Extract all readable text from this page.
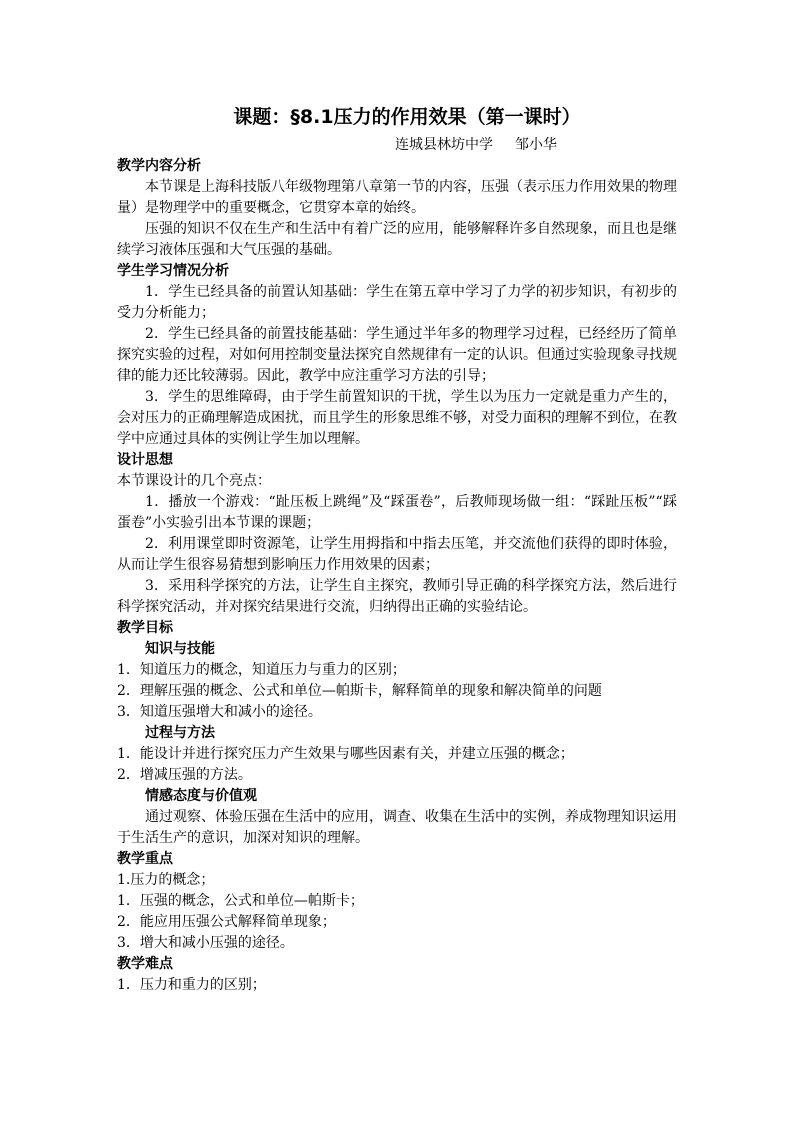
课题：§8.1压力的作用效果（第一课时）
连城县林坊中学 邹小华
教学内容分析

本节课是上海科技版八年级物理第八章第一节的内容，压强（表示压力作用效果的物理量）是物理学中的重要概念，它贯穿本章的始终。

压强的知识不仅在生产和生活中有着广泛的应用，能够解释许多自然现象，而且也是继续学习液体压强和大气压强的基础。

学生学习情况分析

1．学生已经具备的前置认知基础：学生在第五章中学习了力学的初步知识，有初步的受力分析能力；

2．学生已经具备的前置技能基础：学生通过半年多的物理学习过程，已经经历了简单探究实验的过程，对如何用控制变量法探究自然规律有一定的认识。但通过实验现象寻找规律的能力还比较薄弱。因此，教学中应注重学习方法的引导；

3．学生的思维障碍，由于学生前置知识的干扰，学生以为压力一定就是重力产生的，会对压力的正确理解造成困扰，而且学生的形象思维不够，对受力面积的理解不到位，在教学中应通过具体的实例让学生加以理解。

设计思想

本节课设计的几个亮点：

1．播放一个游戏：“趾压板上跳绳”及“踩蛋卷”，后教师现场做一组：“踩趾压板”“踩蛋卷”小实验引出本节课的课题；

2．利用课堂即时资源笔，让学生用拇指和中指去压笔，并交流他们获得的即时体验，从而让学生很容易猜想到影响压力作用效果的因素；

3．采用科学探究的方法，让学生自主探究，教师引导正确的科学探究方法，然后进行科学探究活动，并对探究结果进行交流，归纳得出正确的实验结论。

教学目标
知识与技能

1．知道压力的概念，知道压力与重力的区别；

2．理解压强的概念、公式和单位—帕斯卡，解释简单的现象和解决简单的问题

3．知道压强增大和减小的途径。

过程与方法

1．能设计并进行探究压力产生效果与哪些因素有关，并建立压强的概念；

2．增减压强的方法。

情感态度与价值观

通过观察、体验压强在生活中的应用，调查、收集在生活中的实例，养成物理知识运用于生活生产的意识，加深对知识的理解。

教学重点

1.压力的概念；

1．压强的概念，公式和单位—帕斯卡；

2．能应用压强公式解释简单现象；

3．增大和减小压强的途径。

教学难点

1．压力和重力的区别；
